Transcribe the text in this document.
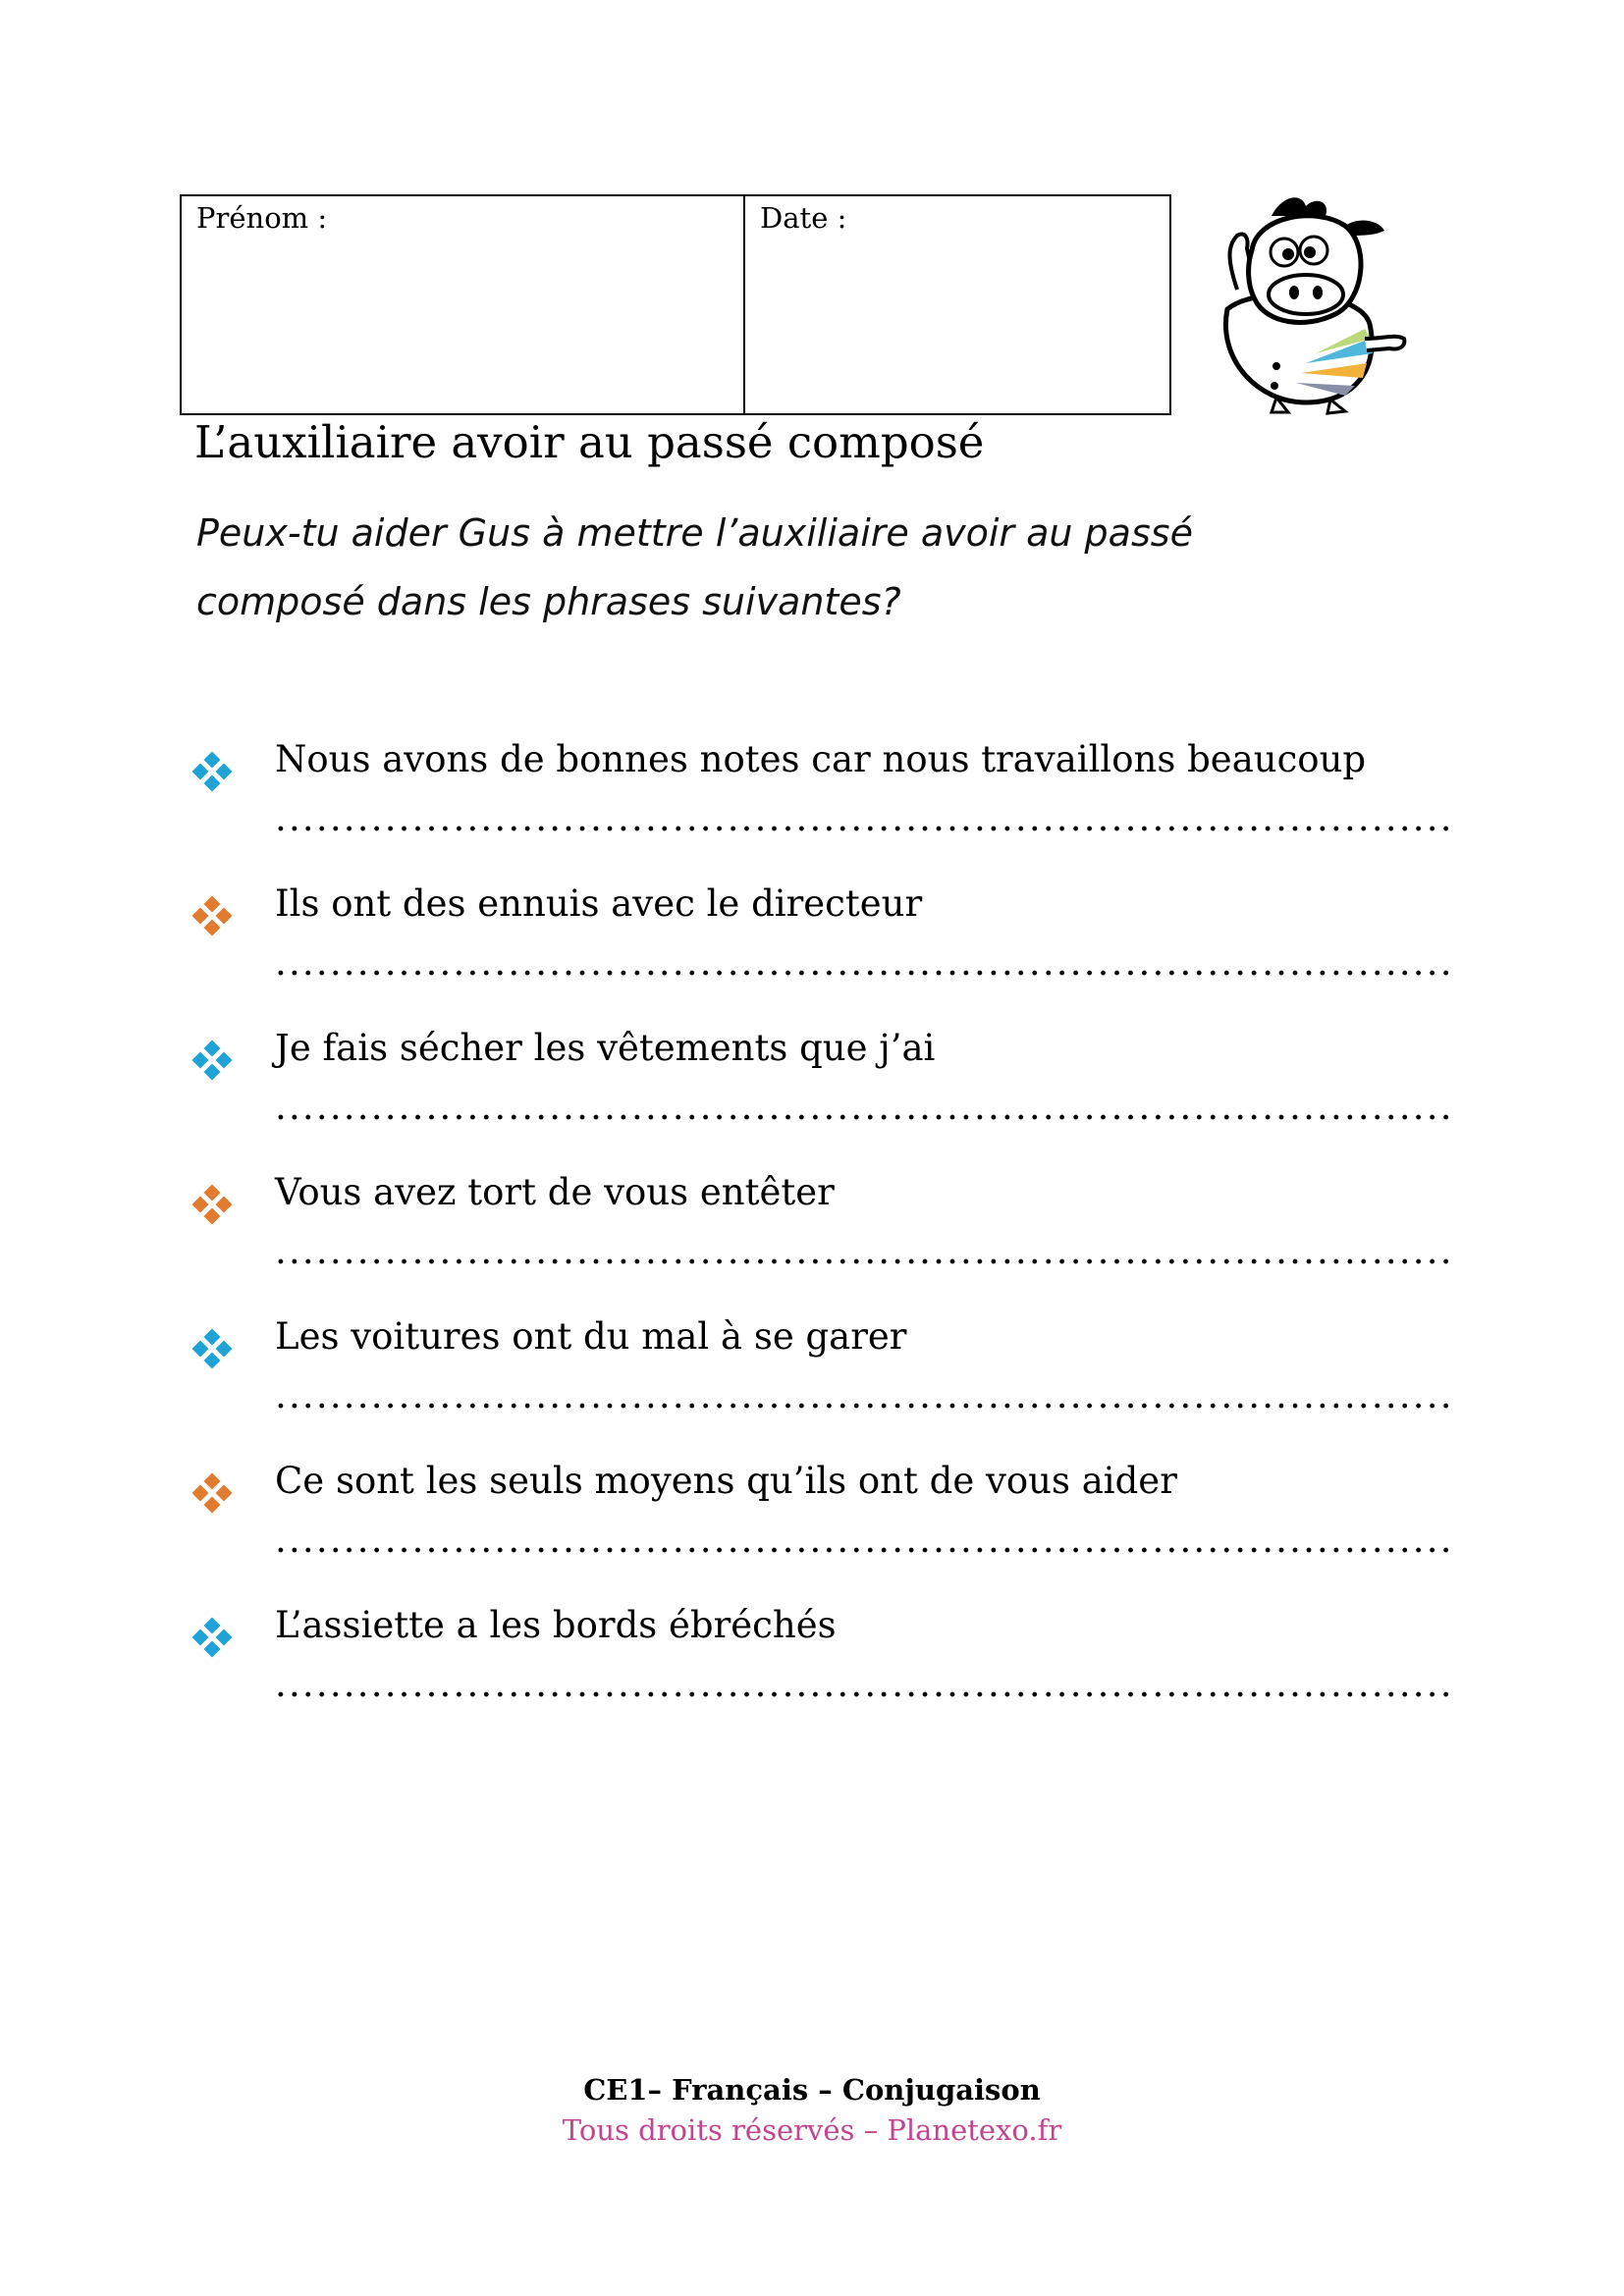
Prénom :	Date :
L’auxiliaire avoir au passé composé
Peux-tu aider Gus à mettre l’auxiliaire avoir au passé
composé dans les phrases suivantes?
Nous avons de bonnes notes car nous travaillons beaucoup
......................................................................................
Ils ont des ennuis avec le directeur
......................................................................................
Je fais sécher les vêtements que j’ai
......................................................................................
Vous avez tort de vous entêter
......................................................................................
Les voitures ont du mal à se garer
......................................................................................
Ce sont les seuls moyens qu’ils ont de vous aider
......................................................................................
L’assiette a les bords ébréchés
......................................................................................
CE1– Français – Conjugaison
Tous droits réservés – Planetexo.fr
